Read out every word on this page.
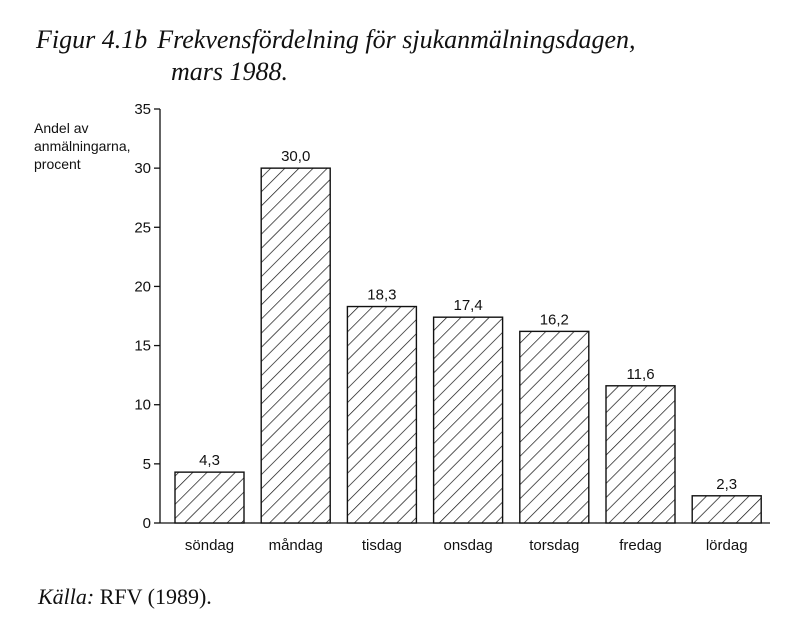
Figur 4.1b Frekvensfördelning för sjukanmälningsdagen,
mars 1988.
Andel av
anmälningarna,
procent
0
5
10
15
20
25
30
35
4,3
söndag
30,0
måndag
18,3
tisdag
17,4
onsdag
16,2
torsdag
11,6
fredag
2,3
lördag
Källa: RFV (1989).
